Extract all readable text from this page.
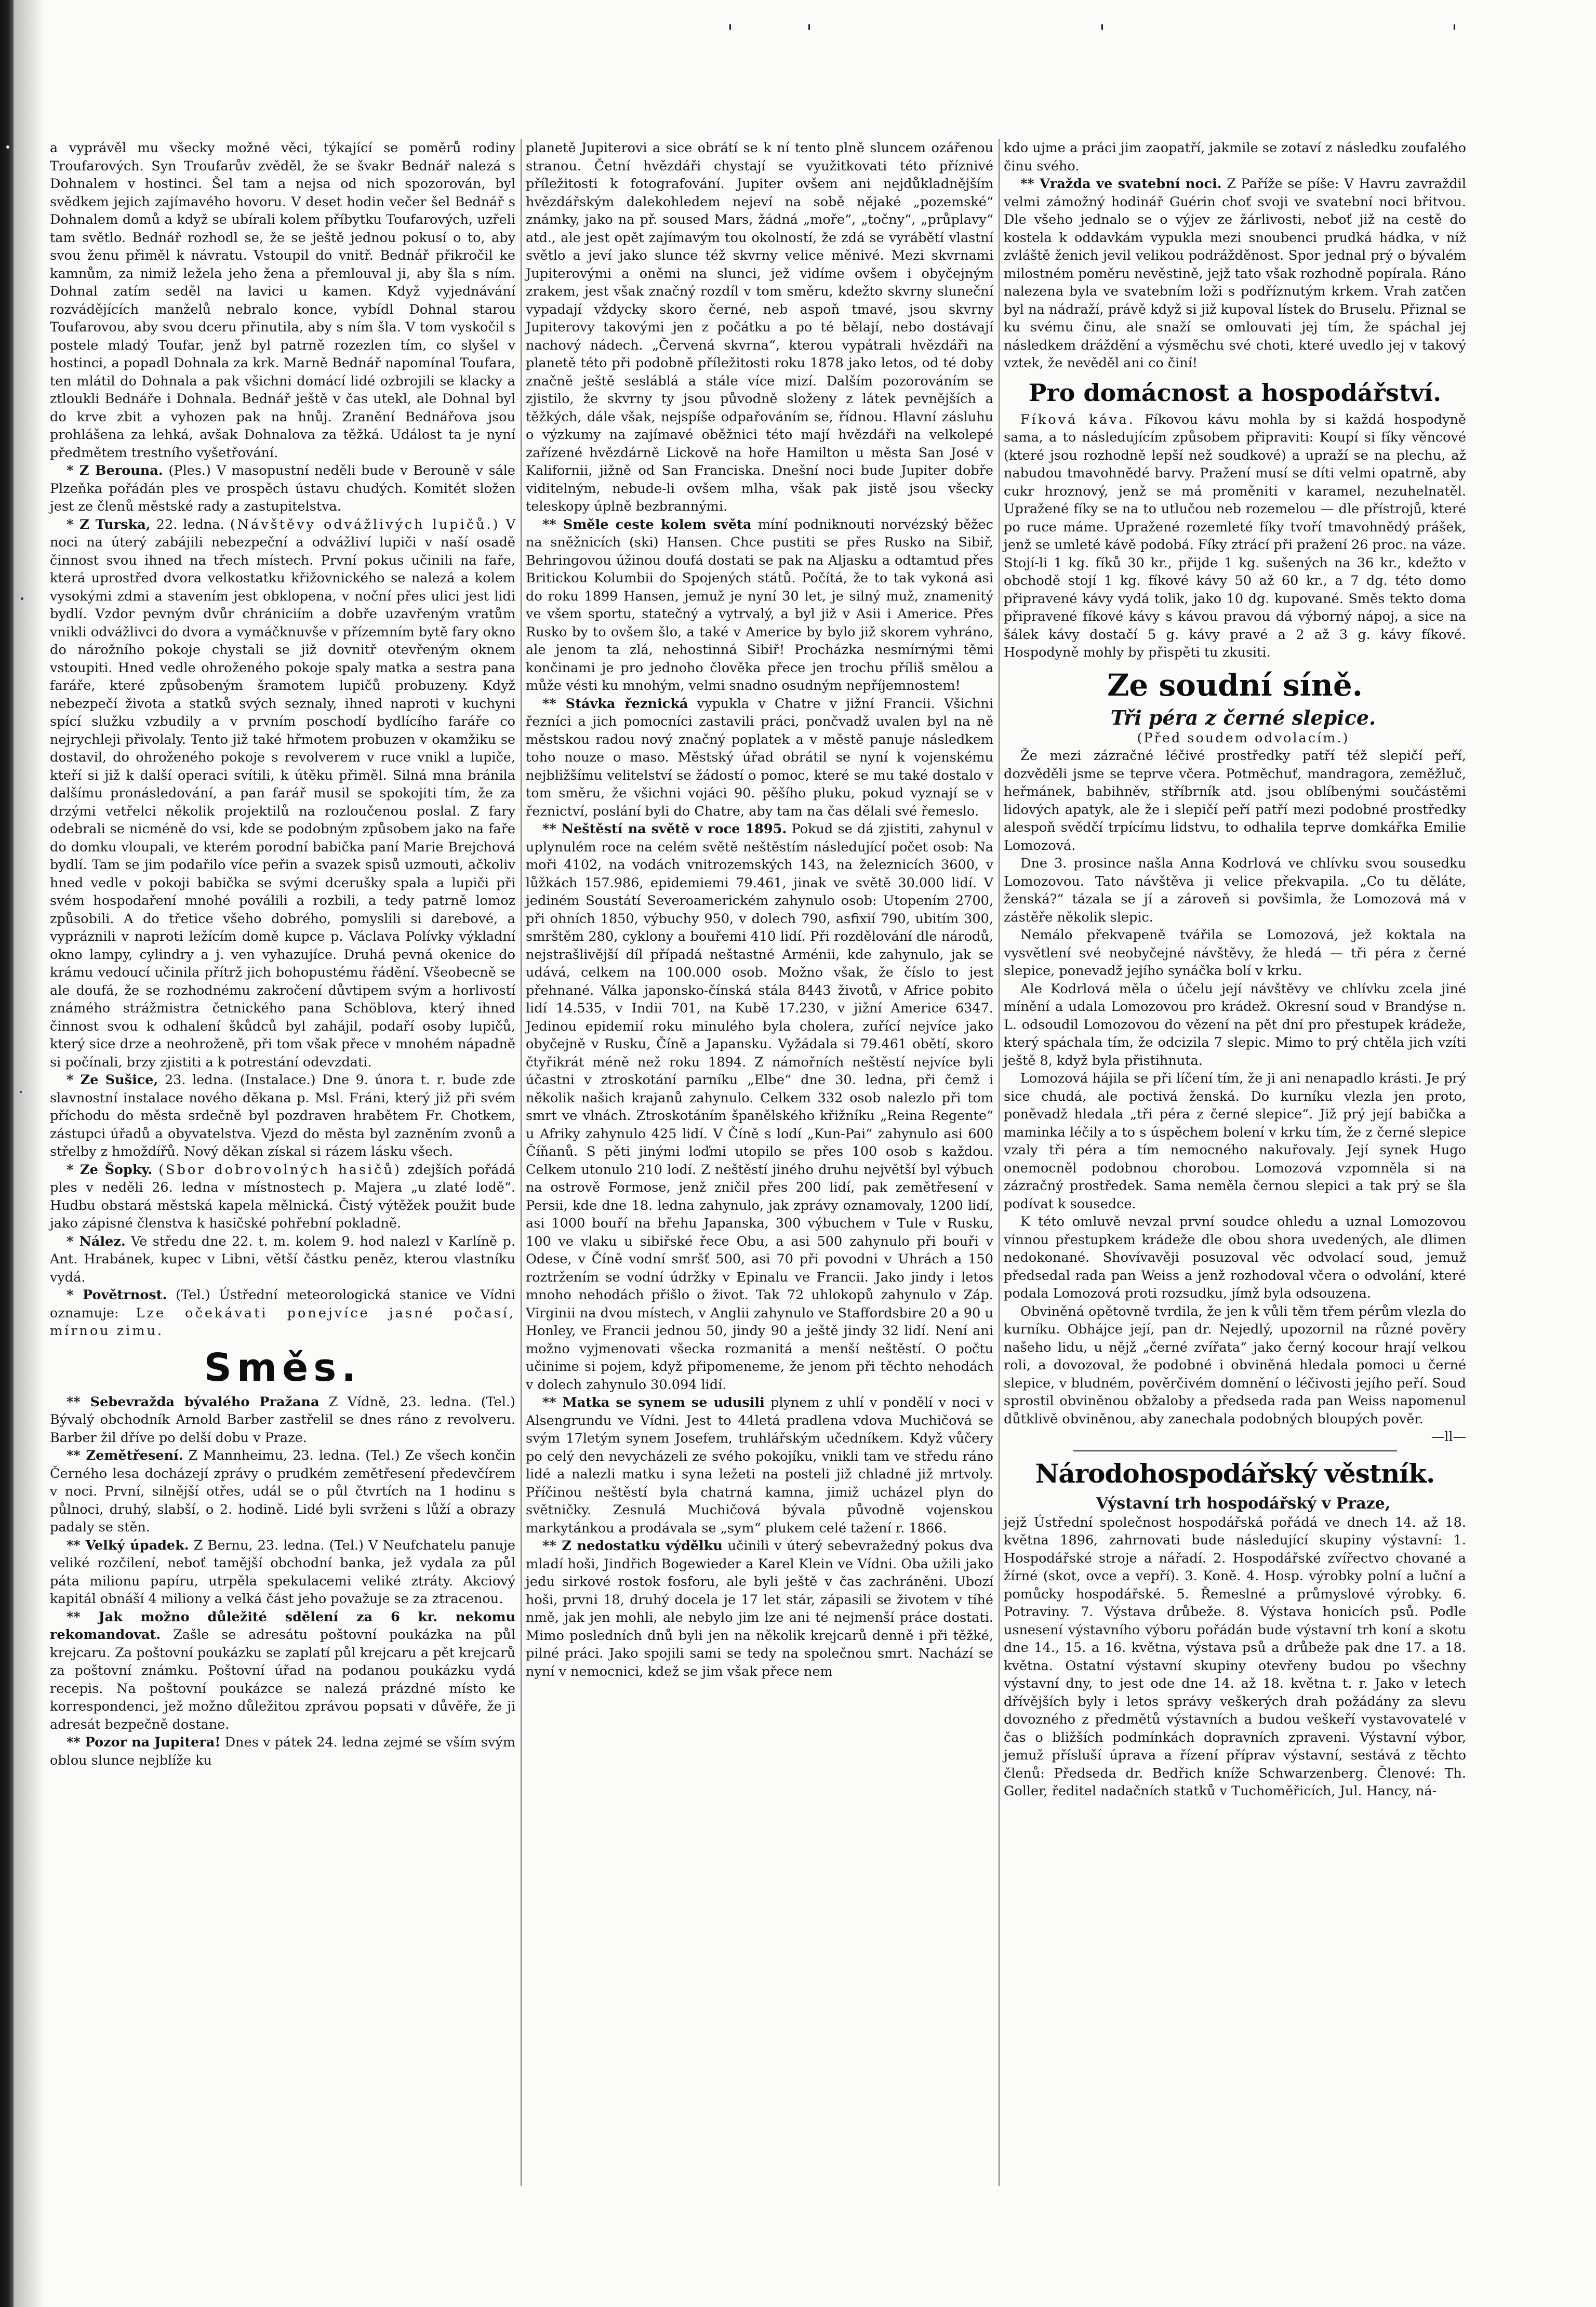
'	'	'
'

a vyprávěl mu všecky možné věci, týkající se poměrů rodiny Troufarových. Syn Troufarův zvěděl, že se švakr Bednář nalezá s Dohnalem v hostinci. Šel tam a nejsa od nich spozorován, byl svědkem jejich zajímavého hovoru. V deset hodin večer šel Bednář s Dohnalem domů a když se ubírali kolem příbytku Toufarových, uzřeli tam světlo. Bednář rozhodl se, že se ještě jednou pokusí o to, aby svou ženu přiměl k návratu. Vstoupil do vnitř. Bednář přikročil ke kamnům, za nimiž ležela jeho žena a přemlouval ji, aby šla s ním. Dohnal zatím seděl na lavici u kamen. Když vyjednávání rozvádějících manželů nebralo konce, vybídl Dohnal starou Toufarovou, aby svou dceru přinutila, aby s ním šla. V tom vyskočil s postele mladý Toufar, jenž byl patrně rozezlen tím, co slyšel v hostinci, a popadl Dohnala za krk. Marně Bednář napomínal Toufara, ten mlátil do Dohnala a pak všichni domácí lidé ozbrojili se klacky a ztloukli Bednáře i Dohnala. Bednář ještě v čas utekl, ale Dohnal byl do krve zbit a vyhozen pak na hnůj. Zranění Bednářova jsou prohlášena za lehká, avšak Dohnalova za těžká. Událost ta je nyní předmětem trestního vyšetřování.

* Z Berouna. (Ples.) V masopustní neděli bude v Berouně v sále Plzeňka pořádán ples ve prospěch ústavu chudých. Komitét složen jest ze členů městské rady a zastupitelstva.

* Z Turska, 22. ledna. (Návštěvy odvážlivých lupičů.) V noci na úterý zabájili nebezpeční a odvážliví lupiči v naší osadě činnost svou ihned na třech místech. První pokus učinili na faře, která uprostřed dvora velkostatku křižovnického se nalezá a kolem vysokými zdmi a stavením jest obklopena, v noční přes ulici jest lidi bydlí. Vzdor pevným dvůr chrániciím a dobře uzavřeným vratům vnikli odvážlivci do dvora a vymáčknuvše v přízemním bytě fary okno do nárožního pokoje chystali se již dovnitř otevřeným oknem vstoupiti. Hned vedle ohroženého pokoje spaly matka a sestra pana faráře, které způsobeným šramotem lupičů probuzeny. Když nebezpečí života a statků svých seznaly, ihned naproti v kuchyni spící služku vzbudily a v prvním poschodí bydlícího faráře co nejrychleji přivolaly. Tento již také hřmotem probuzen v okamžiku se dostavil, do ohroženého pokoje s revolverem v ruce vnikl a lupiče, kteří si již k další operaci svítili, k útěku přiměl. Silná mna bránila dalšímu pronásledování, a pan farář musil se spokojiti tím, že za drzými vetřelci několik projektilů na rozloučenou poslal. Z fary odebrali se nicméně do vsi, kde se podobným způsobem jako na faře do domku vloupali, ve kterém porodní babička paní Marie Brejchová bydlí. Tam se jim podařilo více peřin a svazek spisů uzmouti, ačkoliv hned vedle v pokoji babička se svými dcerušky spala a lupiči při svém hospodaření mnohé poválili a rozbili, a tedy patrně lomoz způsobili. A do třetice všeho dobrého, pomyslili si darebové, a vypráznili v naproti ležícím domě kupce p. Václava Polívky výkladní okno lampy, cylindry a j. ven vyhazujíce. Druhá pevná okenice do krámu vedoucí učinila přítrž jich bohopustému řádění. Všeobecně se ale doufá, že se rozhodnému zakročení důvtipem svým a horlivostí známého strážmistra četnického pana Schöblova, který ihned činnost svou k odhalení škůdců byl zahájil, podaří osoby lupičů, který sice drze a neohroženě, při tom však přece v mnohém nápadně si počínali, brzy zjistiti a k potrestání odevzdati.

* Ze Sušice, 23. ledna. (Instalace.) Dne 9. února t. r. bude zde slavnostní instalace nového děkana p. Msl. Fráni, který již při svém příchodu do města srdečně byl pozdraven hrabětem Fr. Chotkem, zástupci úřadů a obyvatelstva. Vjezd do města byl zazněním zvonů a střelby z hmoždířů. Nový děkan získal si rázem lásku všech.

* Ze Šopky. (Sbor dobrovolných hasičů) zdejších pořádá ples v neděli 26. ledna v místnostech p. Majera „u zlaté lodě“. Hudbu obstará městská kapela mělnická. Čistý výtěžek použit bude jako zápisné členstva k hasičské pohřební pokladně.

* Nález. Ve středu dne 22. t. m. kolem 9. hod nalezl v Karlíně p. Ant. Hrabánek, kupec v Libni, větší částku peněz, kterou vlastníku vydá.

* Povětrnost. (Tel.) Ústřední meteorologická stanice ve Vídni oznamuje: Lze očekávati ponejvíce jasné počasí, mírnou zimu.

Směs.

** Sebevražda bývalého Pražana Z Vídně, 23. ledna. (Tel.) Bývalý obchodník Arnold Barber zastřelil se dnes ráno z revolveru. Barber žil dříve po delší dobu v Praze.

** Zemětřesení. Z Mannheimu, 23. ledna. (Tel.) Ze všech končin Černého lesa docházejí zprávy o prudkém zemětřesení předevčírem v noci. První, silnější otřes, udál se o půl čtvrtích na 1 hodinu s půlnoci, druhý, slabší, o 2. hodině. Lidé byli svrženi s lůží a obrazy padaly se stěn.

** Velký úpadek. Z Bernu, 23. ledna. (Tel.) V Neufchatelu panuje veliké rozčilení, neboť tamější obchodní banka, jež vydala za půl páta milionu papíru, utrpěla spekulacemi veliké ztráty. Akciový kapitál obnáší 4 miliony a velká část jeho považuje se za ztracenou.

** Jak možno důležité sdělení za 6 kr. nekomu rekomandovat. Zašle se adresátu poštovní poukázka na půl krejcaru. Za poštovní poukázku se zaplatí půl krejcaru a pět krejcarů za poštovní známku. Poštovní úřad na podanou poukázku vydá recepis. Na poštovní poukázce se nalezá prázdné místo ke korrespondenci, jež možno důležitou zprávou popsati v důvěře, že ji adresát bezpečně dostane.

** Pozor na Jupitera! Dnes v pátek 24. ledna zejmé se vším svým oblou slunce nejblíže ku

planetě Jupiterovi a sice obrátí se k ní tento plně sluncem ozářenou stranou. Četní hvězdáři chystají se využitkovati této příznivé příležitosti k fotografování. Jupiter ovšem ani nejdůkladnějším hvězdářským dalekohledem nejeví na sobě nějaké „pozemské“ známky, jako na př. soused Mars, žádná „moře“, „točny“, „průplavy“ atd., ale jest opět zajímavým tou okolností, že zdá se vyrábětí vlastní světlo a jeví jako slunce též skvrny velice měnivé. Mezi skvrnami Jupiterovými a oněmi na slunci, jež vidíme ovšem i obyčejným zrakem, jest však značný rozdíl v tom směru, kdežto skvrny sluneční vypadají vždycky skoro černé, neb aspoň tmavé, jsou skvrny Jupiterovy takovými jen z počátku a po té bělají, nebo dostávají nachový nádech. „Červená skvrna“, kterou vypátrali hvězdáři na planetě této při podobně příležitosti roku 1878 jako letos, od té doby značně ještě sesláblá a stále více mizí. Dalším pozorováním se zjistilo, že skvrny ty jsou původně složeny z látek pevnějších a těžkých, dále však, nejspíše odpařováním se, řídnou. Hlavní zásluhu o výzkumy na zajímavé oběžnici této mají hvězdáři na velkolepé zařízené hvězdárně Lickově na hoře Hamilton u města San José v Kalifornii, jižně od San Franciska. Dnešní noci bude Jupiter dobře viditelným, nebude-li ovšem mlha, však pak jistě jsou všecky teleskopy úplně bezbrannými.

** Směle ceste kolem světa míní podniknouti norvézský běžec na sněžnicích (ski) Hansen. Chce pustiti se přes Rusko na Sibiř, Behringovou úžinou doufá dostati se pak na Aljasku a odtamtud přes Britickou Kolumbii do Spojených států. Počítá, že to tak vykoná asi do roku 1899 Hansen, jemuž je nyní 30 let, je silný muž, znamenitý ve všem sportu, statečný a vytrvalý, a byl již v Asii i Americe. Přes Rusko by to ovšem šlo, a také v Americe by bylo již skorem vyhráno, ale jenom ta zlá, nehostinná Sibiř! Procházka nesmírnými těmi končinami je pro jednoho člověka přece jen trochu příliš smělou a může vésti ku mnohým, velmi snadno osudným nepříjemnostem!

** Stávka řeznická vypukla v Chatre v jižní Francii. Všichni řezníci a jich pomocníci zastavili práci, pončvadž uvalen byl na ně městskou radou nový značný poplatek a v městě panuje následkem toho nouze o maso. Městský úřad obrátil se nyní k vojenskému nejbližšímu velitelství se žádostí o pomoc, které se mu také dostalo v tom směru, že všichni vojáci 90. pěšího pluku, pokud vyznají se v řeznictví, poslání byli do Chatre, aby tam na čas dělali své řemeslo.

** Neštěstí na světě v roce 1895. Pokud se dá zjistiti, zahynul v uplynulém roce na celém světě neštěstím následující počet osob: Na moři 4102, na vodách vnitrozemských 143, na železnicích 3600, v lůžkách 157.986, epidemiemi 79.461, jinak ve světě 30.000 lidí. V jediném Soustátí Severoamerickém zahynulo osob: Utopením 2700, při ohních 1850, výbuchy 950, v dolech 790, asfixií 790, ubitím 300, smrštěm 280, cyklony a bouřemi 410 lidí. Při rozdělování dle národů, nejstrašlivější díl případá neštastné Arménii, kde zahynulo, jak se udává, celkem na 100.000 osob. Možno však, že číslo to jest přehnané. Válka japonsko-čínská stála 8443 životů, v Africe pobito lidí 14.535, v Indii 701, na Kubě 17.230, v jižní Americe 6347. Jedinou epidemií roku minulého byla cholera, zuřící nejvíce jako obyčejně v Rusku, Číně a Japansku. Vyžádala si 79.461 obětí, skoro čtyřikrát méně než roku 1894. Z námořních neštěstí nejvíce byli účastni v ztroskotání parníku „Elbe“ dne 30. ledna, při čemž i několik našich krajanů zahynulo. Celkem 332 osob nalezlo při tom smrt ve vlnách. Ztroskotáním španělského křižníku „Reina Regente“ u Afriky zahynulo 425 lidí. V Číně s lodí „Kun-Pai“ zahynulo asi 600 Číňanů. S pěti jinými loďmi utopilo se přes 100 osob s každou. Celkem utonulo 210 lodí. Z neštěstí jiného druhu největší byl výbuch na ostrově Formose, jenž zničil přes 200 lidí, pak zemětřesení v Persii, kde dne 18. ledna zahynulo, jak zprávy oznamovaly, 1200 lidí, asi 1000 bouří na břehu Japanska, 300 výbuchem v Tule v Rusku, 100 ve vlaku u sibiřské řece Obu, a asi 500 zahynulo při bouři v Odese, v Číně vodní smršť 500, asi 70 při povodni v Uhrách a 150 roztržením se vodní údržky v Epinalu ve Francii. Jako jindy i letos mnoho nehodách přišlo o život. Tak 72 uhlokopů zahynulo v Záp. Virginii na dvou místech, v Anglii zahynulo ve Staffordsbire 20 a 90 u Honley, ve Francii jednou 50, jindy 90 a ještě jindy 32 lidí. Není ani možno vyjmenovati všecka rozmanitá a menší neštěstí. O počtu učinime si pojem, když připomeneme, že jenom při těchto nehodách v dolech zahynulo 30.094 lidí.

** Matka se synem se udusili plynem z uhlí v pondělí v noci v Alsengrundu ve Vídni. Jest to 44letá pradlena vdova Muchičová se svým 17letým synem Josefem, truhlářským učedníkem. Když vůčery po celý den nevycházeli ze svého pokojíku, vnikli tam ve středu ráno lidé a nalezli matku i syna ležeti na posteli již chladné již mrtvoly. Příčinou neštěstí byla chatrná kamna, jimiž ucházel plyn do světničky. Zesnulá Muchičová bývala původně vojenskou markytánkou a prodávala se „sym“ plukem celé tažení r. 1866.

** Z nedostatku výdělku učinili v úterý sebevražedný pokus dva mladí hoši, Jindřich Bogewieder a Karel Klein ve Vídni. Oba užili jako jedu sirkové rostok fosforu, ale byli ještě v čas zachráněni. Ubozí hoši, prvni 18, druhý docela je 17 let stár, zápasili se životem v tíhé nmě, jak jen mohli, ale nebylo jim lze ani té nejmenší práce dostati. Mimo posledních dnů byli jen na několik krejcarů denně i při těžké, pilné práci. Jako spojili sami se tedy na společnou smrt. Nachází se nyní v nemocnici, kdež se jim však přece nem

kdo ujme a práci jim zaopatří, jakmile se zotaví z následku zoufalého činu svého.

** Vražda ve svatební noci. Z Paříže se píše: V Havru zavraždil velmi zámožný hodinář Guérin choť svoji ve svatební noci břitvou. Dle všeho jednalo se o výjev ze žárlivosti, neboť již na cestě do kostela k oddavkám vypukla mezi snoubenci prudká hádka, v níž zvláště ženich jevil velikou podrážděnost. Spor jednal prý o bývalém milostném poměru nevěstině, jejž tato však rozhodně popírala. Ráno nalezena byla ve svatebním loži s podříznutým krkem. Vrah zatčen byl na nádraží, právě když si již kupoval lístek do Bruselu. Přiznal se ku svému činu, ale snaží se omlouvati jej tím, že spáchal jej následkem dráždění a výsměchu své choti, které uvedlo jej v takový vztek, že nevěděl ani co činí!

Pro domácnost a hospodářství.

Fíková káva. Fíkovou kávu mohla by si každá hospodyně sama, a to následujícím způsobem připraviti: Koupí si fíky věncové (které jsou rozhodně lepší než soudkové) a upraží se na plechu, až nabudou tmavohnědé barvy. Pražení musí se díti velmi opatrně, aby cukr hroznový, jenž se má proměniti v karamel, nezuhelnatěl. Upražené fíky se na to utlučou neb rozemelou — dle přístrojů, které po ruce máme. Upražené rozemleté fíky tvoří tmavohnědý prášek, jenž se umleté kávě podobá. Fíky ztrácí při pražení 26 proc. na váze. Stojí-li 1 kg. fíků 30 kr., přijde 1 kg. sušených na 36 kr., kdežto v obchodě stojí 1 kg. fíkové kávy 50 až 60 kr., a 7 dg. této domo připravené kávy vydá tolik, jako 10 dg. kupované. Směs tekto doma připravené fíkové kávy s kávou pravou dá výborný nápoj, a sice na šálek kávy dostačí 5 g. kávy pravé a 2 až 3 g. kávy fíkové. Hospodyně mohly by přispěti tu zkusiti.

Ze soudní síně.

Tři péra z černé slepice.

(Před soudem odvolacím.)

Že mezi zázračné léčivé prostředky patří též slepičí peří, dozvěděli jsme se teprve včera. Potměchuť, mandragora, zeměžluč, heřmánek, babihněv, stříbrník atd. jsou oblíbenými součástěmi lidových apatyk, ale že i slepičí peří patří mezi podobné prostředky alespoň svědčí trpícímu lidstvu, to odhalila teprve domkářka Emilie Lomozová.

Dne 3. prosince našla Anna Kodrlová ve chlívku svou sousedku Lomozovou. Tato návštěva ji velice překvapila. „Co tu děláte, ženská?“ tázala se jí a zároveň si povšimla, že Lomozová má v zástěře několik slepic.

Nemálo překvapeně tvářila se Lomozová, jež koktala na vysvětlení své neobyčejné návštěvy, že hledá — tři péra z černé slepice, ponevadž jejího synáčka bolí v krku.

Ale Kodrlová měla o účelu její návštěvy ve chlívku zcela jiné mínění a udala Lomozovou pro krádež. Okresní soud v Brandýse n. L. odsoudil Lomozovou do vězení na pět dní pro přestupek krádeže, který spáchala tím, že odcizila 7 slepic. Mimo to prý chtěla jich vzíti ještě 8, když byla přistihnuta.

Lomozová hájila se při líčení tím, že ji ani nenapadlo krásti. Je prý sice chudá, ale poctivá ženská. Do kurníku vlezla jen proto, poněvadž hledala „tři péra z černé slepice“. Již prý její babička a maminka léčily a to s úspěchem bolení v krku tím, že z černé slepice vzaly tři péra a tím nemocného nakuřovaly. Její synek Hugo onemocněl podobnou chorobou. Lomozová vzpomněla si na zázračný prostředek. Sama neměla černou slepici a tak prý se šla podívat k sousedce.

K této omluvě nevzal první soudce ohledu a uznal Lomozovou vinnou přestupkem krádeže dle obou shora uvedených, ale dlimen nedokonané. Shovívavěji posuzoval věc odvolací soud, jemuž předsedal rada pan Weiss a jenž rozhodoval včera o odvolání, které podala Lomozová proti rozsudku, jímž byla odsouzena.

Obviněná opětovně tvrdila, že jen k vůli těm třem pérům vlezla do kurníku. Obhájce její, pan dr. Nejedlý, upozornil na různé pověry našeho lidu, u nějž „černé zvířata“ jako černý kocour hrají velkou roli, a dovozoval, že podobné i obviněná hledala pomoci u černé slepice, v bludném, pověrčivém domnění o léčivosti jejího peří. Soud sprostil obviněnou obžaloby a předseda rada pan Weiss napomenul důtklivě obviněnou, aby zanechala podobných bloupých pověr.

—ll—

Národohospodářský věstník.

Výstavní trh hospodářský v Praze,

jejž Ústřední společnost hospodářská pořádá ve dnech 14. až 18. května 1896, zahrnovati bude následující skupiny výstavní: 1. Hospodářské stroje a nářadí. 2. Hospodářské zvířectvo chované a žírné (skot, ovce a vepří). 3. Koně. 4. Hosp. výrobky polní a luční a pomůcky hospodářské. 5. Řemeslné a průmyslové výrobky. 6. Potraviny. 7. Výstava drůbeže. 8. Výstava honicích psů. Podle usnesení výstavního výboru pořádán bude výstavní trh koní a skotu dne 14., 15. a 16. května, výstava psů a drůbeže pak dne 17. a 18. května. Ostatní výstavní skupiny otevřeny budou po všechny výstavní dny, to jest ode dne 14. až 18. května t. r. Jako v letech dřívějších byly i letos správy veškerých drah požádány za slevu dovozného z předmětů výstavních a budou veškeří vystavovatelé v čas o bližších podmínkách dopravních zpraveni. Výstavní výbor, jemuž přísluší úprava a řízení příprav výstavní, sestává z těchto členů: Předseda dr. Bedřich kníže Schwarzenberg. Členové: Th. Goller, ředitel nadačních statků v Tuchoměřicích, Jul. Hancy, ná-
